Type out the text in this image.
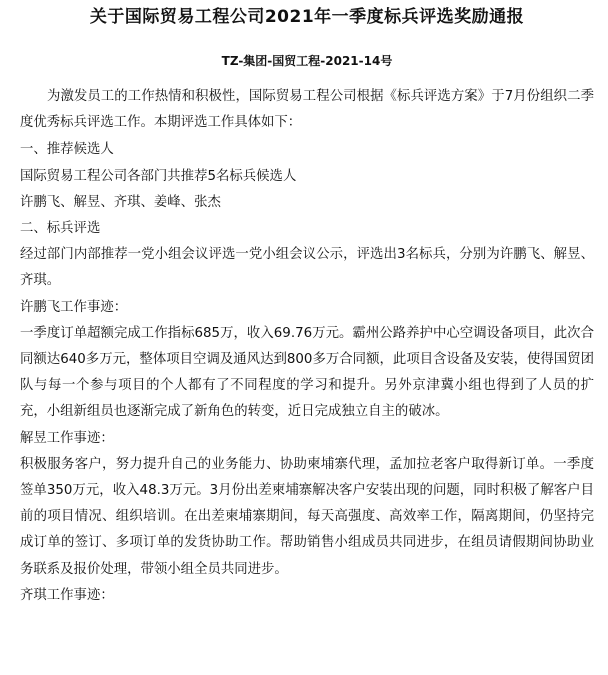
关于国际贸易工程公司2021年一季度标兵评选奖励通报
TZ-集团-国贸工程-2021-14号

为激发员工的工作热情和积极性，国际贸易工程公司根据《标兵评选方案》于7月份组织二季度优秀标兵评选工作。本期评选工作具体如下：

一、推荐候选人

国际贸易工程公司各部门共推荐5名标兵候选人

许鹏飞、解昱、齐琪、姜峰、张杰

二、标兵评选

经过部门内部推荐一党小组会议评选一党小组会议公示，评选出3名标兵，分别为许鹏飞、解昱、齐琪。

许鹏飞工作事迹：

一季度订单超额完成工作指标685万，收入69.76万元。霸州公路养护中心空调设备项目，此次合同额达640多万元，整体项目空调及通风达到800多万合同额，此项目含设备及安装，使得国贸团队与每一个参与项目的个人都有了不同程度的学习和提升。另外京津冀小组也得到了人员的扩充，小组新组员也逐渐完成了新角色的转变，近日完成独立自主的破冰。

解昱工作事迹：

积极服务客户，努力提升自己的业务能力、协助柬埔寨代理，孟加拉老客户取得新订单。一季度签单350万元，收入48.3万元。3月份出差柬埔寨解决客户安装出现的问题，同时积极了解客户目前的项目情况、组织培训。在出差柬埔寨期间，每天高强度、高效率工作，隔离期间，仍坚持完成订单的签订、多项订单的发货协助工作。帮助销售小组成员共同进步，在组员请假期间协助业务联系及报价处理，带领小组全员共同进步。

齐琪工作事迹：
